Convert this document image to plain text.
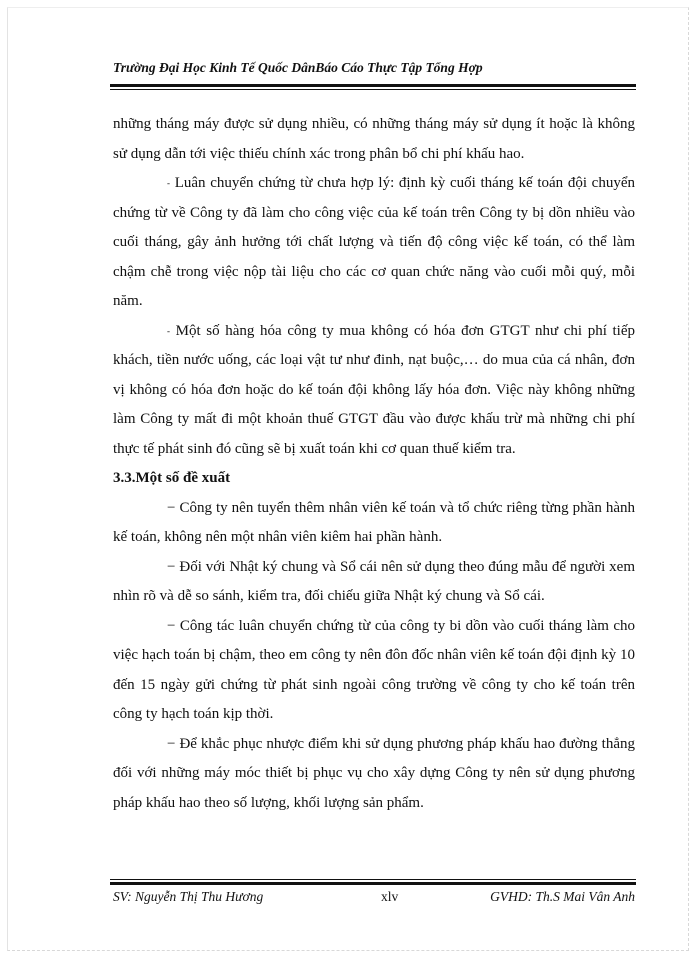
Trường Đại Học Kinh Tế Quốc DânBáo Cáo Thực Tập Tổng Hợp

những tháng máy được sử dụng nhiều, có những tháng máy sử dụng ít hoặc là không sử dụng dẫn tới việc thiếu chính xác trong phân bổ chi phí khấu hao.

- Luân chuyển chứng từ chưa hợp lý: định kỳ cuối tháng kế toán đội chuyển chứng từ về Công ty đã làm cho công việc của kế toán trên Công ty bị dồn nhiều vào cuối tháng, gây ảnh hưởng tới chất lượng và tiến độ công việc kế toán, có thể làm chậm chễ trong việc nộp tài liệu cho các cơ quan chức năng vào cuối mỗi quý, mỗi năm.

- Một số hàng hóa công ty mua không có hóa đơn GTGT như chi phí tiếp khách, tiền nước uống, các loại vật tư như đinh, nạt buộc,… do mua của cá nhân, đơn vị không có hóa đơn hoặc do kế toán đội không lấy hóa đơn. Việc này không những làm Công ty mất đi một khoản thuế GTGT đầu vào được khấu trừ mà những chi phí thực tế phát sinh đó cũng sẽ bị xuất toán khi cơ quan thuế kiểm tra.

3.3.Một số đề xuất

− Công ty nên tuyển thêm nhân viên kế toán và tổ chức riêng từng phần hành kế toán, không nên một nhân viên kiêm hai phần hành.

− Đối với Nhật ký chung và Sổ cái nên sử dụng theo đúng mẫu để người xem nhìn rõ và dễ so sánh, kiểm tra, đối chiếu giữa Nhật ký chung và Sổ cái.

− Công tác luân chuyển chứng từ của công ty bi dồn vào cuối tháng làm cho việc hạch toán bị chậm, theo em công ty nên đôn đốc nhân viên kế toán đội định kỳ 10 đến 15 ngày gửi chứng từ phát sinh ngoài công trường về công ty cho kế toán trên công ty hạch toán kịp thời.

− Để khắc phục nhược điểm khi sử dụng phương pháp khấu hao đường thẳng đối với những máy móc thiết bị phục vụ cho xây dựng Công ty nên sử dụng phương pháp khấu hao theo số lượng, khối lượng sản phẩm.

SV: Nguyễn Thị Thu Hương	xlv	GVHD: Th.S Mai Vân Anh
